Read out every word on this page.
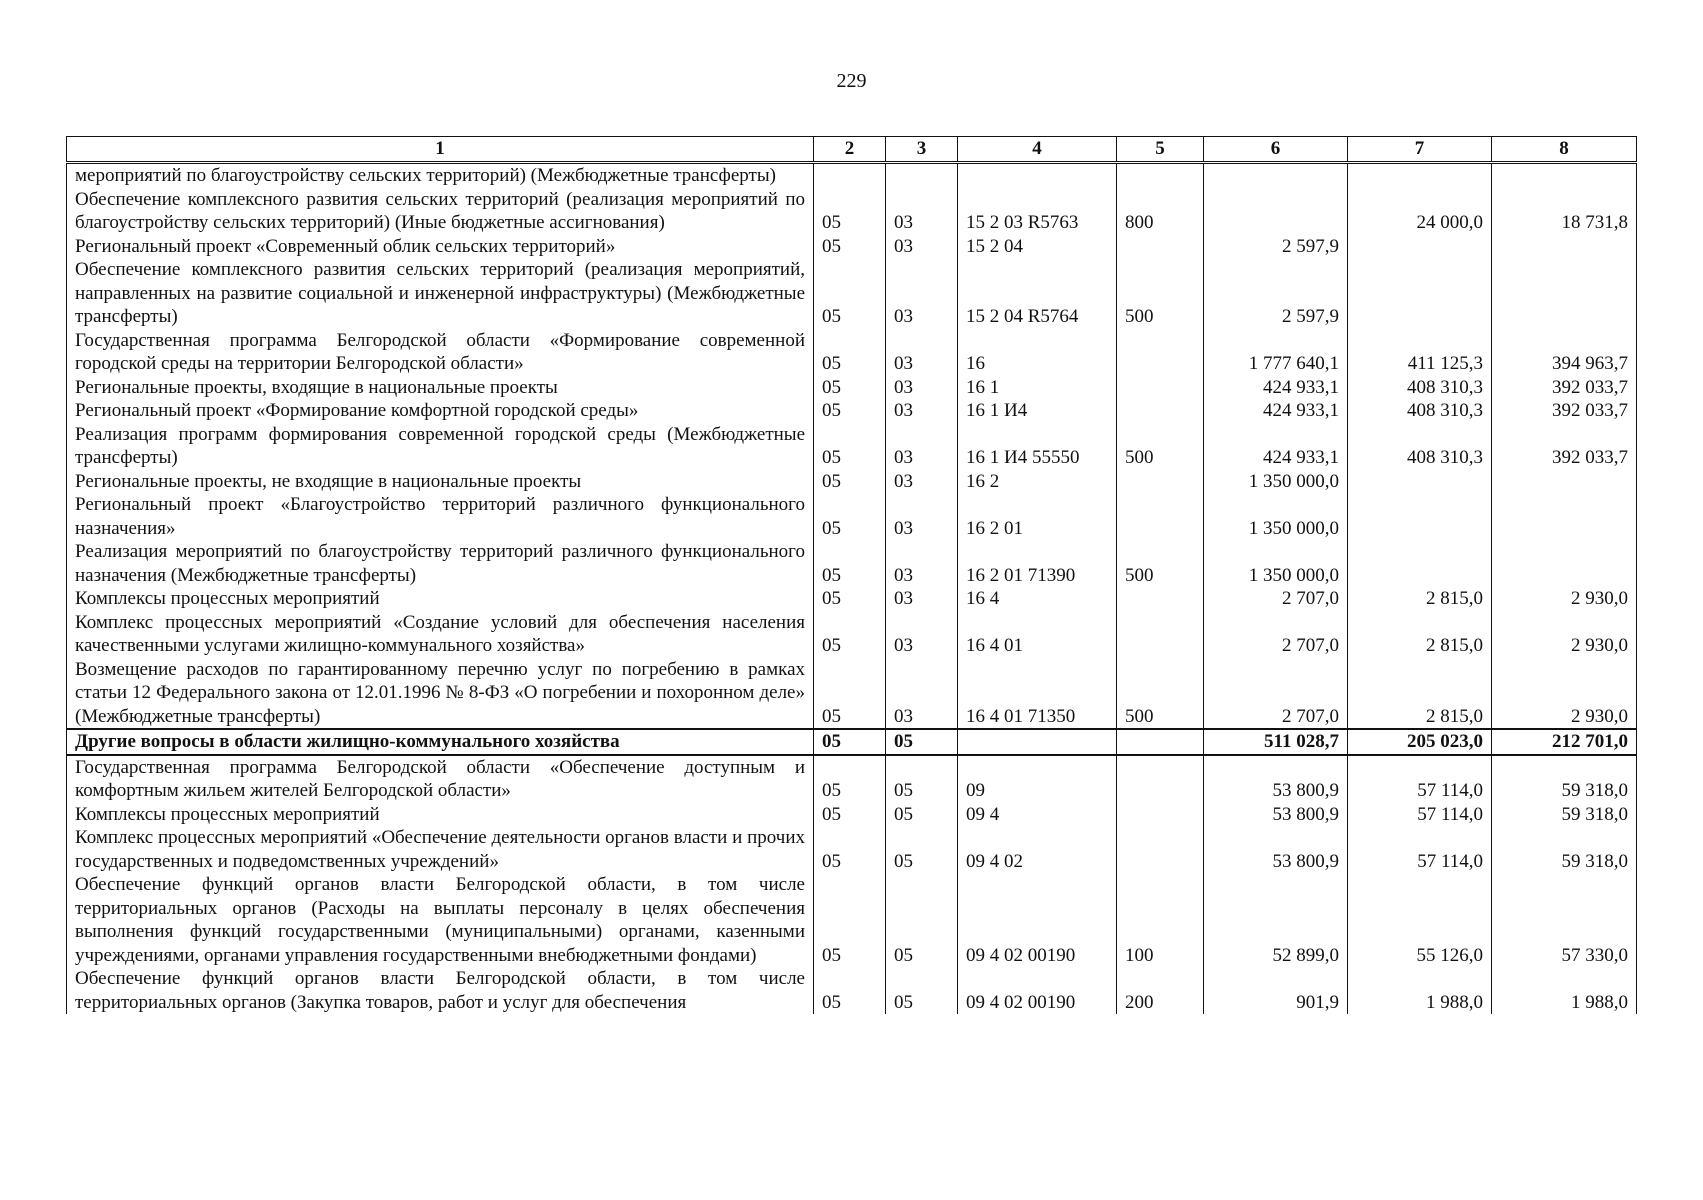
229
1	2	3	4	5	6	7	8
мероприятий по благоустройству сельских территорий) (Межбюджетные трансферты)							
Обеспечение комплексного развития сельских территорий (реализация мероприятий по благоустройству сельских территорий) (Иные бюджетные ассигнования)	05	03	15 2 03 R5763	800		24 000,0	18 731,8
Региональный проект «Современный облик сельских территорий»	05	03	15 2 04		2 597,9		
Обеспечение комплексного развития сельских территорий (реализация мероприятий, направленных на развитие социальной и инженерной инфраструктуры) (Межбюджетные трансферты)	05	03	15 2 04 R5764	500	2 597,9		
Государственная программа Белгородской области «Формирование современной городской среды на территории Белгородской области»	05	03	16		1 777 640,1	411 125,3	394 963,7
Региональные проекты, входящие в национальные проекты	05	03	16 1		424 933,1	408 310,3	392 033,7
Региональный проект «Формирование комфортной городской среды»	05	03	16 1 И4		424 933,1	408 310,3	392 033,7
Реализация программ формирования современной городской среды (Межбюджетные трансферты)	05	03	16 1 И4 55550	500	424 933,1	408 310,3	392 033,7
Региональные проекты, не входящие в национальные проекты	05	03	16 2		1 350 000,0		
Региональный проект «Благоустройство территорий различного функционального назначения»	05	03	16 2 01		1 350 000,0		
Реализация мероприятий по благоустройству территорий различного функционального назначения (Межбюджетные трансферты)	05	03	16 2 01 71390	500	1 350 000,0		
Комплексы процессных мероприятий	05	03	16 4		2 707,0	2 815,0	2 930,0
Комплекс процессных мероприятий «Создание условий для обеспечения населения качественными услугами жилищно-коммунального хозяйства»	05	03	16 4 01		2 707,0	2 815,0	2 930,0
Возмещение расходов по гарантированному перечню услуг по погребению в рамках статьи 12 Федерального закона от 12.01.1996 № 8-ФЗ «О погребении и похоронном деле» (Межбюджетные трансферты)	05	03	16 4 01 71350	500	2 707,0	2 815,0	2 930,0
Другие вопросы в области жилищно-коммунального хозяйства	05	05			511 028,7	205 023,0	212 701,0
Государственная программа Белгородской области «Обеспечение доступным и комфортным жильем жителей Белгородской области»	05	05	09		53 800,9	57 114,0	59 318,0
Комплексы процессных мероприятий	05	05	09 4		53 800,9	57 114,0	59 318,0
Комплекс процессных мероприятий «Обеспечение деятельности органов власти и прочих государственных и подведомственных учреждений»	05	05	09 4 02		53 800,9	57 114,0	59 318,0
Обеспечение функций органов власти Белгородской области, в том числе территориальных органов (Расходы на выплаты персоналу в целях обеспечения выполнения функций государственными (муниципальными) органами, казенными учреждениями, органами управления государственными внебюджетными фондами)	05	05	09 4 02 00190	100	52 899,0	55 126,0	57 330,0
Обеспечение функций органов власти Белгородской области, в том числе территориальных органов (Закупка товаров, работ и услуг для обеспечения	05	05	09 4 02 00190	200	901,9	1 988,0	1 988,0
